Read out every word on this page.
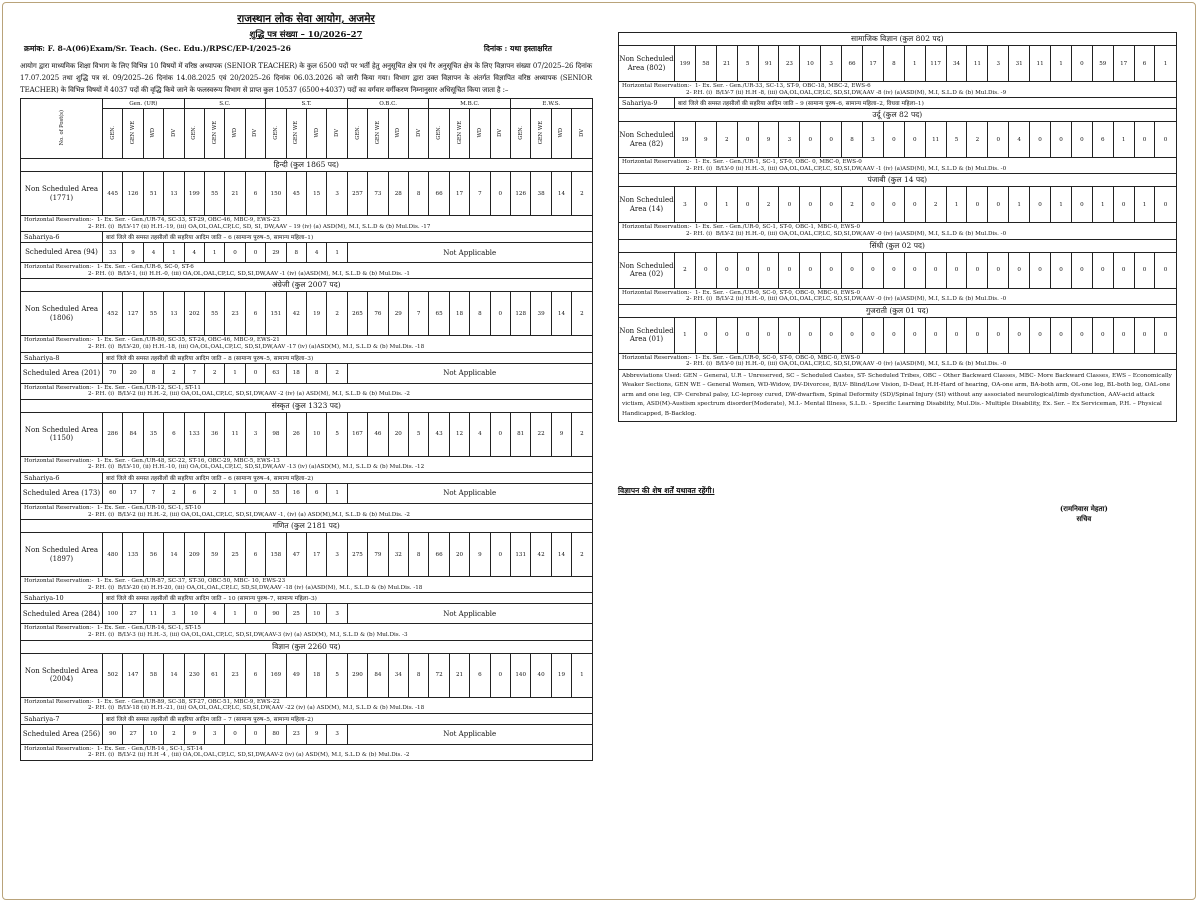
राजस्थान लोक सेवा आयोग, अजमेर
शुद्धि पत्र संख्या – 10/2026–27
क्रमांक: F. 8-A(06)Exam/Sr. Teach. (Sec. Edu.)/RPSC/EP-I/2025-26	दिनांक : यथा हस्ताक्षरित
आयोग द्वारा माध्यमिक शिक्षा विभाग के लिए विभिन्न 10 विषयों में वरिष्ठ अध्यापक (SENIOR TEACHER) के कुल 6500 पदों पर भर्ती हेतु अनुसूचित क्षेत्र एवं गैर अनुसूचित क्षेत्र के लिए विज्ञापन संख्या 07/2025–26 दिनांक 17.07.2025 तथा शुद्धि पत्र सं. 09/2025–26 दिनांक 14.08.2025 एवं 20/2025–26 दिनांक 06.03.2026 को जारी किया गया। विभाग द्वारा उक्त विज्ञापन के अंतर्गत विज्ञापित वरिष्ठ अध्यापक (SENIOR TEACHER) के विभिन्न विषयों में 4037 पदों की वृद्धि किये जाने के फलस्वरूप विभाग से प्राप्त कुल 10537 (6500+4037) पदों का वर्गवार वर्गीकरण निम्नानुसार अधिसूचित किया जाता है :–
No. of Post(s)	Gen. (UR)				S.C.				S.T.				O.B.C.				M.B.C.				E.W.S.			
	GEN.	GEN WE	WD	DV	GEN.	GEN WE	WD	DV	GEN.	GEN WE	WD	DV	GEN.	GEN WE	WD	DV	GEN.	GEN WE	WD	DV	GEN.	GEN WE	WD	DV
हिन्दी (कुल 1865 पद)																								
Non Scheduled Area (1771)	445	126	51	13	199	55	21	6	150	45	15	3	257	73	28	8	66	17	7	0	126	38	14	2
Horizontal Reservation:-  1- Ex. Ser. - Gen./UR-74, SC-33, ST-29, OBC-46, MBC-9, EWS-23
2- P.H. (i)  B/LV-17 (ii) H.H.-19, (iii) OA,OL,OAL,CP,LC, SD, SI, DW,AAV – 19 (iv) (a) ASD(M), M.I, S.L.D & (b) Mul.Dis. -17																								
Sahariya-6	बारां जिले की समस्त तहसीलों की सहरिया आदिम जाति – 6 (सामान्य पुरुष–5, सामान्य महिला–1)																							
Scheduled Area (94)	33	9	4	1	4	1	0	0	29	8	4	1	Not Applicable											
Horizontal Reservation:-  1- Ex. Ser. - Gen./UR-6, SC-0, ST-6
2- P.H. (i)  B/LV-1, (ii) H.H.-0, (iii) OA,OL,OAL,CP,LC, SD,SI,DW,AAV -1 (iv) (a)ASD(M), M.I, S.L.D & (b) Mul.Dis. -1																								
अंग्रेजी (कुल 2007 पद)																								
Non Scheduled Area (1806)	452	127	55	13	202	55	23	6	151	42	19	2	265	76	29	7	65	18	8	0	128	39	14	2
Horizontal Reservation:-  1- Ex. Ser. - Gen./UR-80, SC-35, ST-24, OBC-46, MBC-9, EWS-21
2- P.H. (i)  B/LV-20, (ii) H.H.-18, (iii) OA,OL,OAL,CP,LC, SD,SI,DW,AAV -17 (iv) (a)ASD(M), M.I, S.L.D & (b) Mul.Dis. -18																								
Sahariya-8	बारां जिले की समस्त तहसीलों की सहरिया आदिम जाति – 8 (सामान्य पुरुष–5, सामान्य महिला–3)																							
Scheduled Area (201)	70	20	8	2	7	2	1	0	63	18	8	2	Not Applicable											
Horizontal Reservation:-  1- Ex. Ser. - Gen./UR-12, SC-1, ST-11
2- P.H. (i)  B/LV-2 (ii) H.H.-2, (iii) OA,OL,OAL,CP,LC, SD,SI,DW,AAV -2 (iv) (a) ASD(M), M.I, S.L.D & (b) Mul.Dis. -2																								
संस्कृत (कुल 1323 पद)																								
Non Scheduled Area (1150)	286	84	35	6	133	36	11	3	98	26	10	5	167	46	20	5	43	12	4	0	81	22	9	2
Horizontal Reservation:-  1- Ex. Ser. - Gen./UR-48, SC-22, ST-16, OBC-29, MBC-5, EWS-13
2- P.H. (i)  B/LV-10, (ii) H.H.-10, (iii) OA,OL,OAL,CP,LC, SD,SI,DW,AAV -13 (iv) (a)ASD(M), M.I, S.L.D & (b) Mul.Dis. -12																								
Sahariya-6	बारां जिले की समस्त तहसीलों की सहरिया आदिम जाति – 6 (सामान्य पुरुष–4, सामान्य महिला–2)																							
Scheduled Area (173)	60	17	7	2	6	2	1	0	55	16	6	1	Not Applicable											
Horizontal Reservation:-  1- Ex. Ser. - Gen./UR-10, SC-1, ST-10
2- P.H. (i)  B/LV-2 (ii) H.H.-2, (iii) OA,OL,OAL,CP,LC, SD,SI,DW,AAV -1, (iv) (a) ASD(M),M.I, S.L.D & (b) Mul.Dis. -2																								
गणित (कुल 2181 पद)																								
Non Scheduled Area (1897)	480	135	56	14	209	59	25	6	158	47	17	3	275	79	32	8	66	20	9	0	131	42	14	2
Horizontal Reservation:-  1- Ex. Ser. - Gen./UR-87, SC-37, ST-30, OBC-50, MBC- 10, EWS-23
2- P.H. (i)  B/LV-20 (ii) H.H-20, (iii) OA,OL,OAL,CP,LC, SD,SI,DW,AAV -18 (iv) (a)ASD(M), M.I., S.L.D & (b) Mul.Dis. -18																								
Sahariya-10	बारां जिले की समस्त तहसीलों की सहरिया आदिम जाति – 10 (सामान्य पुरुष–7, सामान्य महिला–3)																							
Scheduled Area (284)	100	27	11	3	10	4	1	0	90	25	10	3	Not Applicable											
Horizontal Reservation:-  1- Ex. Ser. - Gen./UR-14, SC-1, ST-15
2- P.H. (i)  B/LV-3 (ii) H.H.-3, (iii) OA,OL,OAL,CP,LC, SD,SI,DW,AAV-3 (iv) (a) ASD(M), M.I, S.L.D & (b) Mul.Dis. -3																								
विज्ञान (कुल 2260 पद)																								
Non Scheduled Area (2004)	502	147	58	14	230	61	23	6	169	49	18	5	290	84	34	8	72	21	6	0	140	40	19	1
Horizontal Reservation:-  1- Ex. Ser. - Gen./UR-89, SC-38, ST-27, OBC-51, MBC-9, EWS-22
2- P.H. (i)  B/LV-18 (ii) H.H.-21, (iii) OA,OL,OAL,CP,LC, SD,SI,DW,AAV -22 (iv) (a) ASD(M), M.I, S.L.D & (b) Mul.Dis. -18																								
Sahariya-7	बारां जिले की समस्त तहसीलों की सहरिया आदिम जाति – 7 (सामान्य पुरुष–5, सामान्य महिला–2)																							
Scheduled Area (256)	90	27	10	2	9	3	0	0	80	23	9	3	Not Applicable											
Horizontal Reservation:-  1- Ex. Ser. - Gen./UR-14 , SC-1, ST-14
2- P.H. (i)  B/LV-2 (ii) H.H -4 , (iii) OA,OL,OAL,CP,LC, SD,SI,DW,AAV-2 (iv) (a) ASD(M), M.I, S.L.D & (b) Mul.Dis. -2																								
सामाजिक विज्ञान (कुल 802 पद)																								
Non Scheduled Area (802)	199	58	21	5	91	23	10	3	66	17	8	1	117	34	11	3	31	11	1	0	59	17	6	1
Horizontal Reservation:-  1- Ex. Ser. - Gen./UR-33, SC-13, ST-9, OBC-18, MBC-2, EWS-6
2- P.H. (i)  B/LV-7 (ii) H.H -8, (iii) OA,OL,OAL,CP,LC, SD,SI,DW,AAV -8 (iv) (a)ASD(M), M.I, S.L.D & (b) Mul.Dis. -9																								
Sahariya-9	बारां जिले की समस्त तहसीलों की सहरिया आदिम जाति – 9 (सामान्य पुरुष–6, सामान्य महिला–2, विधवा महिला–1)																							
उर्दू (कुल 82 पद)																								
Non Scheduled Area (82)	19	9	2	0	9	3	0	0	8	3	0	0	11	5	2	0	4	0	0	0	6	1	0	0
Horizontal Reservation:-  1- Ex. Ser. - Gen./UR-1, SC-1, ST-0, OBC- 0, MBC-0, EWS-0
2- P.H. (i)  B/LV-0 (ii) H.H.-3, (iii) OA,OL,OAL,CP,LC, SD,SI,DW,AAV -1 (iv) (a)ASD(M), M.I, S.L.D & (b) Mul.Dis. -0																								
पंजाबी (कुल 14 पद)																								
Non Scheduled Area (14)	3	0	1	0	2	0	0	0	2	0	0	0	2	1	0	0	1	0	1	0	1	0	1	0
Horizontal Reservation:-  1- Ex. Ser. - Gen./UR-0, SC-1, ST-0, OBC-1, MBC-0, EWS-0
2- P.H. (i)  B/LV-2 (ii) H.H.-0, (iii) OA,OL,OAL,CP,LC, SD,SI,DW,AAV -0 (iv) (a)ASD(M), M.I, S.L.D & (b) Mul.Dis. -0																								
सिंधी (कुल 02 पद)																								
Non Scheduled Area (02)	2	0	0	0	0	0	0	0	0	0	0	0	0	0	0	0	0	0	0	0	0	0	0	0
Horizontal Reservation:-  1- Ex. Ser. - Gen./UR-0, SC-0, ST-0, OBC-0, MBC-0, EWS-0
2- P.H. (i)  B/LV-2 (ii) H.H.-0, (iii) OA,OL,OAL,CP,LC, SD,SI,DW,AAV -0 (iv) (a)ASD(M), M.I, S.L.D & (b) Mul.Dis. -0																								
गुजराती (कुल 01 पद)																								
Non Scheduled Area (01)	1	0	0	0	0	0	0	0	0	0	0	0	0	0	0	0	0	0	0	0	0	0	0	0
Horizontal Reservation:-  1- Ex. Ser. - Gen./UR-0, SC-0, ST-0, OBC-0, MBC-0, EWS-0
2- P.H. (i)  B/LV-0 (ii) H.H.-0, (iii) OA,OL,OAL,CP,LC, SD,SI,DW,AAV -0 (iv) (a)ASD(M), M.I, S.L.D & (b) Mul.Dis. -0																								
Abbreviations Used: GEN – General, U.R – Unreserved, SC – Scheduled Castes, ST- Scheduled Tribes, OBC – Other Backward Classes, MBC- More Backward Classes, EWS – Economically Weaker Sections, GEN WE – General Women, WD-Widow, DV-Divorcee, B/LV- Blind/Low Vision, D-Deaf, H.H-Hard of hearing, OA-one arm, BA-both arm, OL-one leg, BL-both leg, OAL-one arm and one leg, CP- Cerebral palsy, LC-leprosy cured, DW-dwarfism, Spinal Deformity (SD)/Spinal Injury (SI) without any associated neurological/limb dysfunction, AAV-acid attack victism, ASD(M)-Austism spectrum disorder(Moderate), M.I.- Mental Illness, S.L.D. - Specific Learning Disability, Mul.Dis.- Multiple Disability, Ex. Ser. – Ex Serviceman, P.H. – Physical Handicapped, B-Backlog.																								
विज्ञापन की शेष शर्तें यथावत रहेंगी।
(रामनिवास मेहता)
सचिव
